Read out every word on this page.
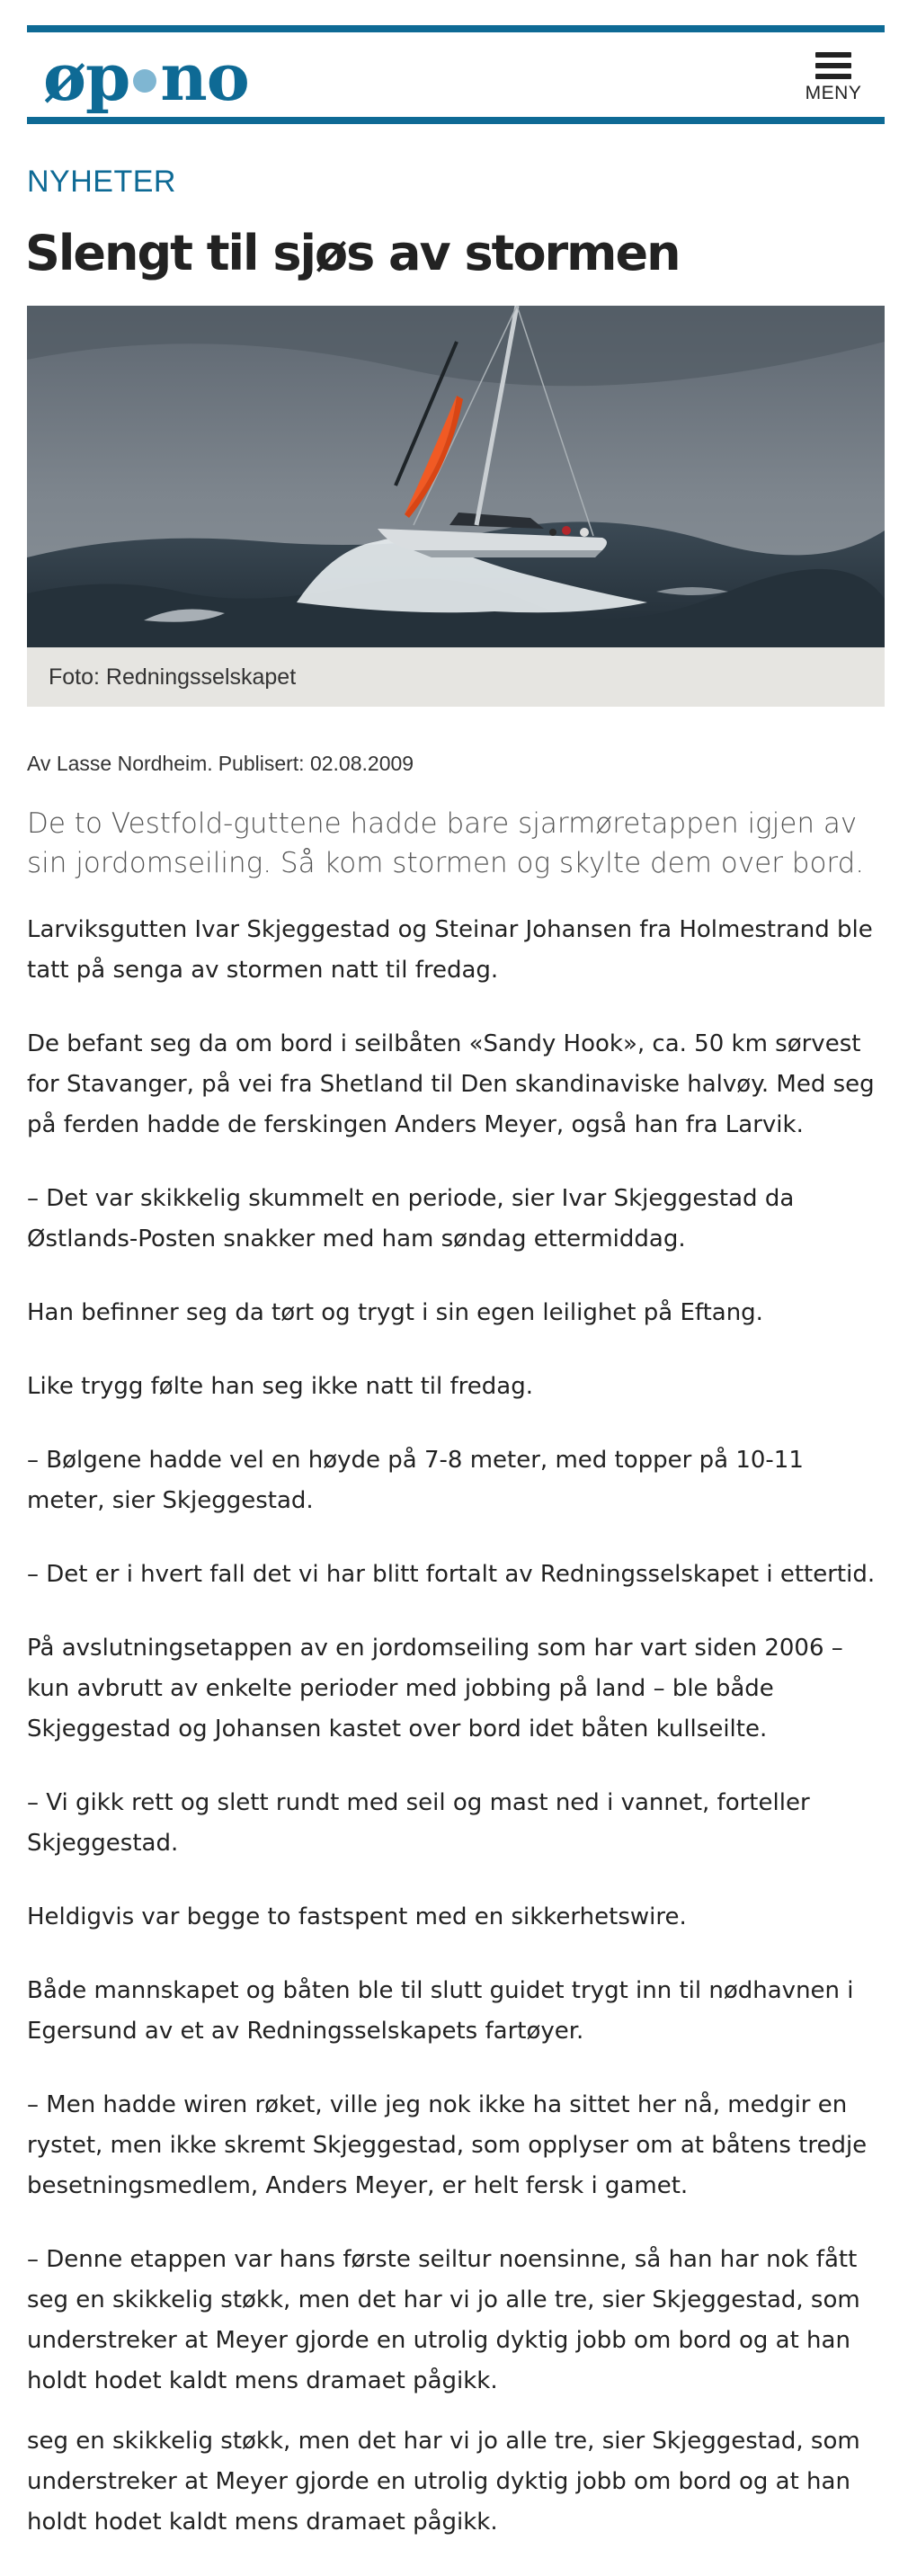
øp no	MENY
NYHETER
Slengt til sjøs av stormen
Foto: Redningsselskapet
Av Lasse Nordheim. Publisert: 02.08.2009
De to Vestfold-guttene hadde bare sjarmøretappen igjen av sin jordomseiling. Så kom stormen og skylte dem over bord.

Larviksgutten Ivar Skjeggestad og Steinar Johansen fra Holmestrand ble tatt på senga av stormen natt til fredag.

De befant seg da om bord i seilbåten «Sandy Hook», ca. 50 km sørvest for Stavanger, på vei fra Shetland til Den skandinaviske halvøy. Med seg på ferden hadde de ferskingen Anders Meyer, også han fra Larvik.

– Det var skikkelig skummelt en periode, sier Ivar Skjeggestad da Østlands-Posten snakker med ham søndag ettermiddag.

Han befinner seg da tørt og trygt i sin egen leilighet på Eftang.

Like trygg følte han seg ikke natt til fredag.

– Bølgene hadde vel en høyde på 7-8 meter, med topper på 10-11 meter, sier Skjeggestad.

– Det er i hvert fall det vi har blitt fortalt av Redningsselskapet i ettertid.

På avslutningsetappen av en jordomseiling som har vart siden 2006 – kun avbrutt av enkelte perioder med jobbing på land – ble både Skjeggestad og Johansen kastet over bord idet båten kullseilte.

– Vi gikk rett og slett rundt med seil og mast ned i vannet, forteller Skjeggestad.

Heldigvis var begge to fastspent med en sikkerhetswire.

Både mannskapet og båten ble til slutt guidet trygt inn til nødhavnen i Egersund av et av Redningsselskapets fartøyer.

– Men hadde wiren røket, ville jeg nok ikke ha sittet her nå, medgir en rystet, men ikke skremt Skjeggestad, som opplyser om at båtens tredje besetningsmedlem, Anders Meyer, er helt fersk i gamet.

– Denne etappen var hans første seiltur noensinne, så han har nok fått seg en skikkelig støkk, men det har vi jo alle tre, sier Skjeggestad, som understreker at Meyer gjorde en utrolig dyktig jobb om bord og at han holdt hodet kaldt mens dramaet pågikk.

seg en skikkelig støkk, men det har vi jo alle tre, sier Skjeggestad, som understreker at Meyer gjorde en utrolig dyktig jobb om bord og at han holdt hodet kaldt mens dramaet pågikk.
